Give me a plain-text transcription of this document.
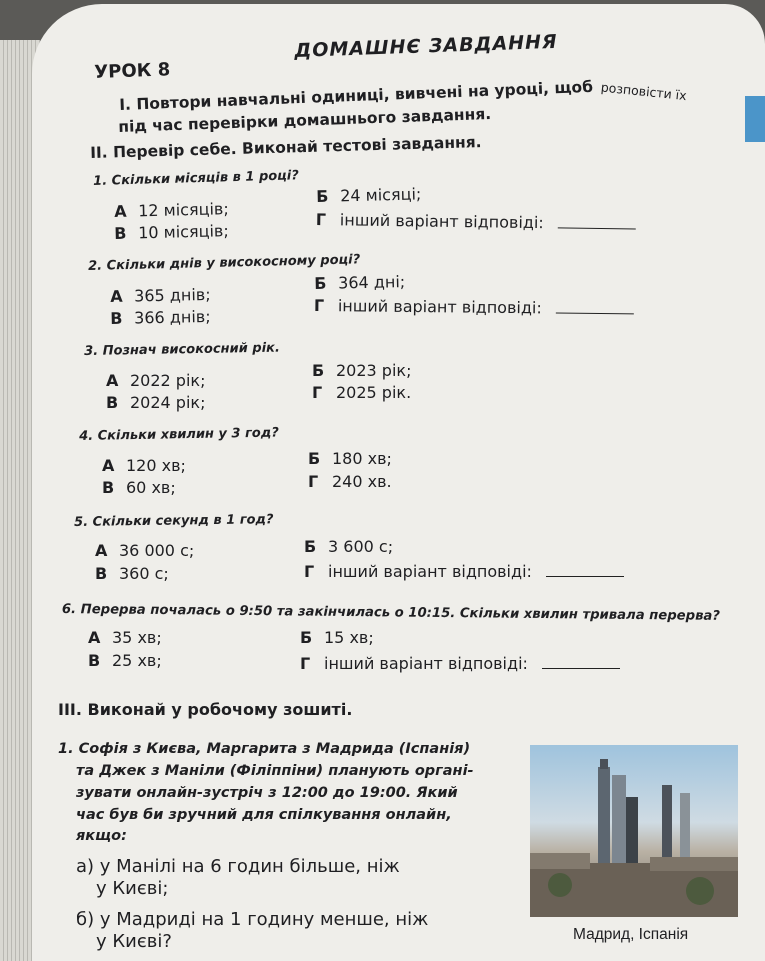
УРОК 8
ДОМАШНЄ ЗАВДАННЯ
І. Повтори навчальні одиниці, вивчені на уроці, щоб розповісти їх
під час перевірки домашнього завдання.
ІІ. Перевір себе. Виконай тестові завдання.
1. Скільки місяців в 1 році?
А 12 місяців;
В 10 місяців;
Б 24 місяці;
Г інший варіант відповіді:
2. Скільки днів у високосному році?
А 365 днів;
В 366 днів;
Б 364 дні;
Г інший варіант відповіді:
3. Познач високосний рік.
А 2022 рік;
В 2024 рік;
Б 2023 рік;
Г 2025 рік.
4. Скільки хвилин у 3 год?
А 120 хв;
В 60 хв;
Б 180 хв;
Г 240 хв.
5. Скільки секунд в 1 год?
А 36 000 с;
В 360 с;
Б 3 600 с;
Г інший варіант відповіді:
6. Перерва почалась о 9:50 та закінчилась о 10:15. Скільки хвилин тривала перерва?
А 35 хв;
В 25 хв;
Б 15 хв;
Г інший варіант відповіді:
ІІІ. Виконай у робочому зошиті.
1. Софія з Києва, Маргарита з Мадрида (Іспанія)
та Джек з Маніли (Філіппіни) планують органі-
зувати онлайн-зустріч з 12:00 до 19:00. Який
час був би зручний для спілкування онлайн,
якщо:
а) у Манілі на 6 годин більше, ніж
у Києві;
б) у Мадриді на 1 годину менше, ніж
у Києві?	Мадрид, Іспанія
